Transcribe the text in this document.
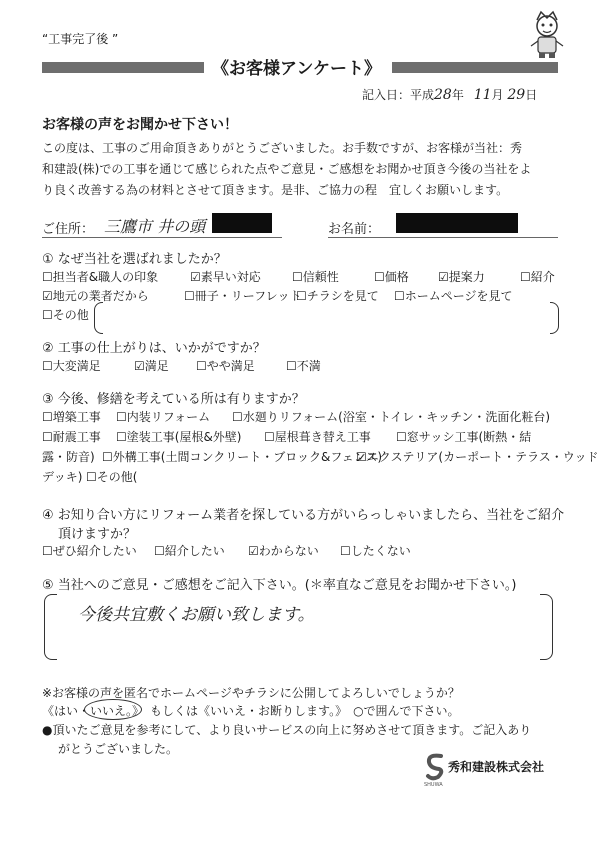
“工事完了後 ”
《お客様アンケート》
記入日：平成28年 11月 29日
お客様の声をお聞かせ下さい！
この度は、工事のご用命頂きありがとうございました。お手数ですが、お客様が当社：秀
和建設(株)での工事を通じて感じられた点やご意見・ご感想をお聞かせ頂き今後の当社をよ
り良く改善する為の材料とさせて頂きます。是非、ご協力の程　宜しくお願いします。
ご住所： 三鷹市 井の頭	お名前：
① なぜ当社を選ばれましたか？
☐担当者&職人の印象	☑素早い対応	☐信頼性	☐価格 ☑提案力	☐紹介
☑地元の業者だから	☐冊子・リーフレット
☐チラシを見て ☐ホームページを見て
☐その他
② 工事の仕上がりは、いかがですか？
☐大変満足	☑満足 ☐やや満足	☐不満
③ 今後、修繕を考えている所は有りますか？
☐増築工事 ☐内装リフォーム ☐水廻りリフォーム(浴室・トイレ・キッチン・洗面化粧台)
☐耐震工事 ☐塗装工事(屋根&外壁) ☐屋根葺き替え工事 ☐窓サッシ工事(断熱・結
露・防音) ☐外構工事(土間コンクリート・ブロック&フェンス)
☑エクステリア(カーポート・テラス・ウッド
デッキ) ☐その他(
④ お知り合い方にリフォーム業者を探している方がいらっしゃいましたら、当社をご紹介
頂けますか？
☐ぜひ紹介したい ☐紹介したい ☑わからない ☐したくない
⑤ 当社へのご意見・ご感想をご記入下さい。(＊率直なご意見をお聞かせ下さい。)
今後共宜敷くお願い致します。
※お客様の声を匿名でホームページやチラシに公開してよろしいでしょうか？
《はい・
いいえ。》　もしくは《いいえ・お断りします。》　○で囲んで下さい。
●頂いたご意見を参考にして、より良いサービスの向上に努めさせて頂きます。ご記入あり
がとうございました。
SHUWA
秀和建設株式会社
